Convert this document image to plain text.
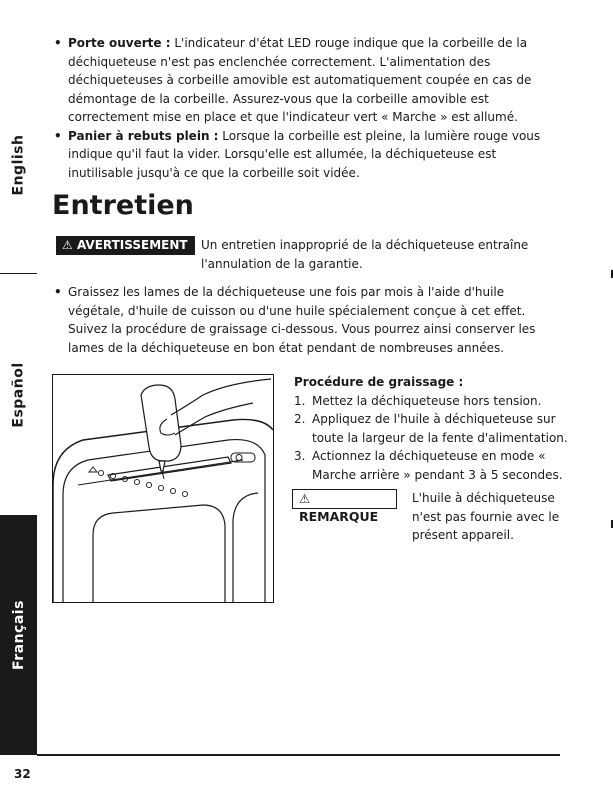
English
Español
Français
• Porte ouverte : L'indicateur d'état LED rouge indique que la corbeille de la déchiqueteuse n'est pas enclenchée correctement. L'alimentation des déchiqueteuses à corbeille amovible est automatiquement coupée en cas de démontage de la corbeille. Assurez-vous que la corbeille amovible est correctement mise en place et que l'indicateur vert « Marche » est allumé.
• Panier à rebuts plein : Lorsque la corbeille est pleine, la lumière rouge vous indique qu'il faut la vider. Lorsqu'elle est allumée, la déchiqueteuse est inutilisable jusqu'à ce que la corbeille soit vidée.
Entretien
⚠ AVERTISSEMENT	Un entretien inapproprié de la déchiqueteuse entraîne l'annulation de la garantie.
• Graissez les lames de la déchiqueteuse une fois par mois à l'aide d'huile végétale, d'huile de cuisson ou d'une huile spécialement conçue à cet effet. Suivez la procédure de graissage ci-dessous. Vous pourrez ainsi conserver les lames de la déchiqueteuse en bon état pendant de nombreuses années.
Procédure de graissage :
1. Mettez la déchiqueteuse hors tension.
2. Appliquez de l'huile à déchiqueteuse sur toute la largeur de la fente d'alimentation.
3. Actionnez la déchiqueteuse en mode « Marche arrière » pendant 3 à 5 secondes.
⚠ REMARQUE
L'huile à déchiqueteuse n'est pas fournie avec le présent appareil.
32
